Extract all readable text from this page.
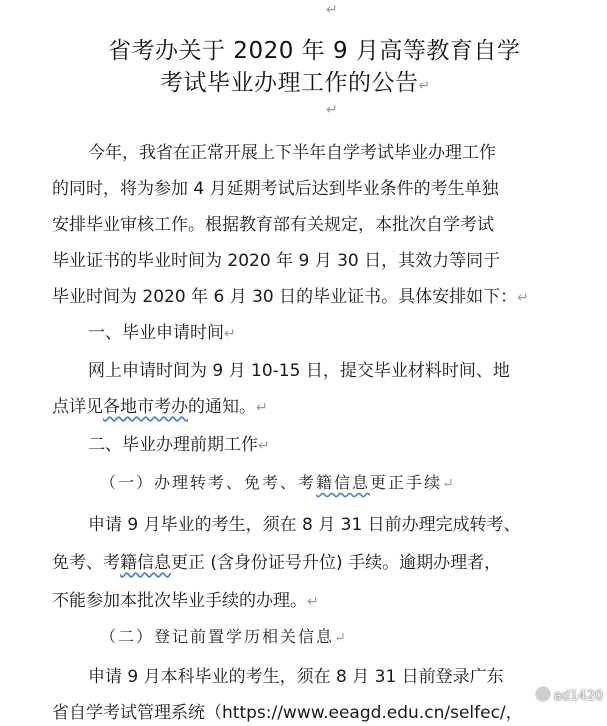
↵
省考办关于 2020 年 9 月高等教育自学
考试毕业办理工作的公告↵
↵
今年，我省在正常开展上下半年自学考试毕业办理工作
的同时，将为参加 4 月延期考试后达到毕业条件的考生单独
安排毕业审核工作。根据教育部有关规定，本批次自学考试
毕业证书的毕业时间为 2020 年 9 月 30 日，其效力等同于
毕业时间为 2020 年 6 月 30 日的毕业证书。具体安排如下：↵
一、毕业申请时间↵
网上申请时间为 9 月 10-15 日，提交毕业材料时间、地
点详见各地市考办的通知。↵
二、毕业办理前期工作↵
（一）办理转考、免考、考籍信息更正手续↵
申请 9 月毕业的考生，须在 8 月 31 日前办理完成转考、
免考、考籍信息更正 (含身份证号升位) 手续。逾期办理者，
不能参加本批次毕业手续的办理。↵
（二）登记前置学历相关信息↵
申请 9 月本科毕业的考生，须在 8 月 31 日前登录广东
省自学考试管理系统（https://www.eeagd.edu.cn/selfec/，
ad1420
